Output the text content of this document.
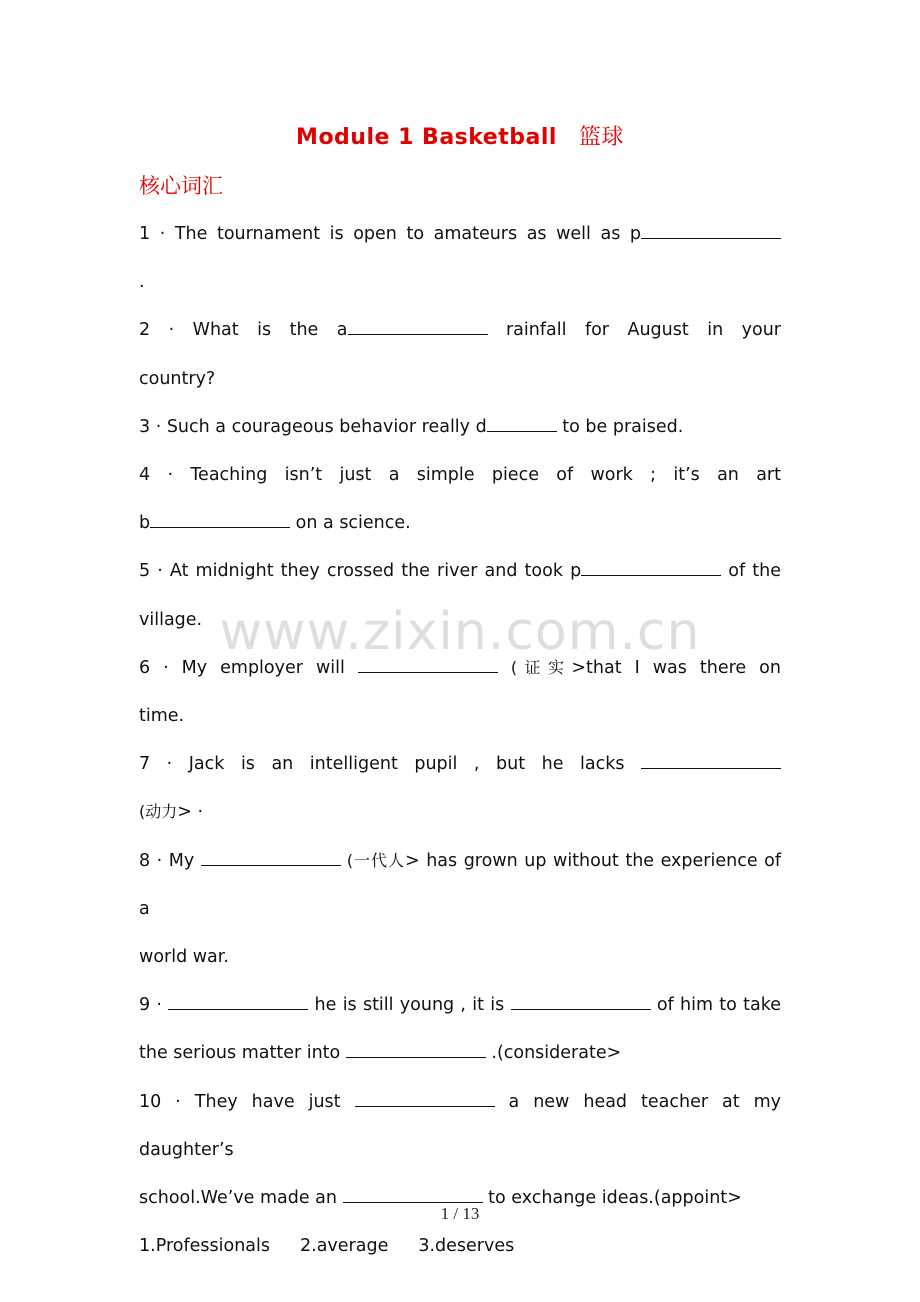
Module 1 Basketball 篮球
核心词汇

1 · The tournament is open to amateurs as well as p

.

2 · What is the a	rainfall for August in your

country?

3 · Such a courageous behavior really d	to be praised.

4 · Teaching isn’t just a simple piece of work ; it’s an art

b	on a science.

5 · At midnight they crossed the river and took p	of the

village.

6 · My employer will	(证实>that I was there on

time.

7 · Jack is an intelligent pupil , but he lacks

(动力> ·

8 · My	(一代人> has grown up without the experience of a

world war.

9 ·	he is still young , it is	of him to take

the serious matter into	.(considerate>

10 · They have just	a new head teacher at my daughter’s

school.We’ve made an	to exchange ideas.(appoint>

1.Professionals 2.average 3.deserves

www.zixin.com.cn
1 / 13
